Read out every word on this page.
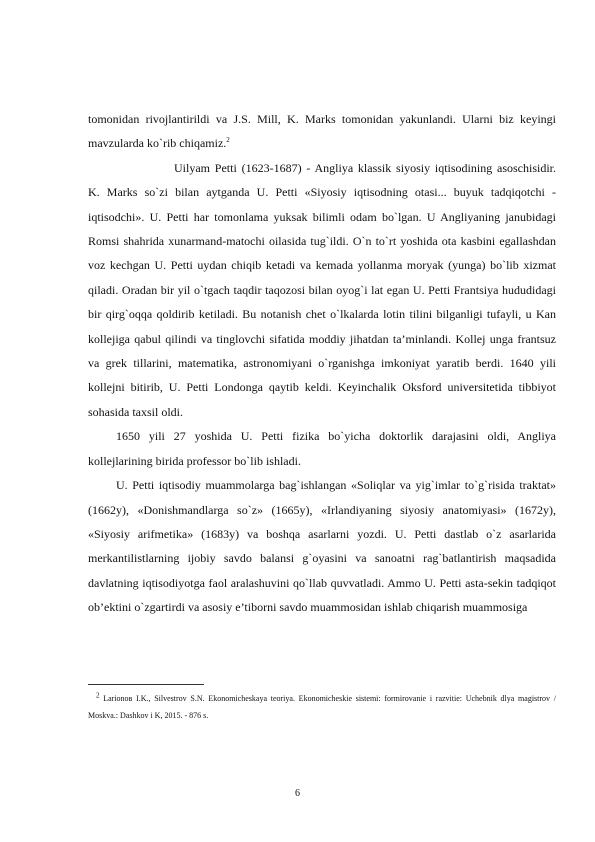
tomonidan rivojlantirildi va J.S. Mill, K. Marks tomonidan yakunlandi. Ularni biz keyingi mavzularda ko`rib chiqamiz.$^2$

Uilyam Petti (1623-1687) - Angliya klassik siyosiy iqtisodining asoschisidir. K. Marks so`zi bilan aytganda U. Petti «Siyosiy iqtisodning otasi... buyuk tadqiqotchi -iqtisodchi». U. Petti har tomonlama yuksak bilimli odam bo`lgan. U Angliyaning janubidagi Romsi shahrida xunarmand-matochi oilasida tug`ildi. O`n to`rt yoshida ota kasbini egallashdan voz kechgan U. Petti uydan chiqib ketadi va kemada yollanma moryak (yunga) bo`lib xizmat qiladi. Oradan bir yil o`tgach taqdir taqozosi bilan oyog`i lat egan U. Petti Frantsiya hududidagi bir qirg`oqqa qoldirib ketiladi. Bu notanish chet o`lkalarda lotin tilini bilganligi tufayli, u Kan kollejiga qabul qilindi va tinglovchi sifatida moddiy jihatdan ta’minlandi. Kollej unga frantsuz va grek tillarini, matematika, astronomiyani o`rganishga imkoniyat yaratib berdi. 1640 yili kollejni bitirib, U. Petti Londonga qaytib keldi. Keyinchalik Oksford universitetida tibbiyot sohasida taxsil oldi.

1650 yili 27 yoshida U. Petti fizika bo`yicha doktorlik darajasini oldi, Angliya kollejlarining birida professor bo`lib ishladi.

U. Petti iqtisodiy muammolarga bag`ishlangan «Soliqlar va yig`imlar to`g`risida traktat» (1662y), «Donishmandlarga so`z» (1665y), «Irlandiyaning siyosiy anatomiyasi» (1672y), «Siyosiy arifmetika» (1683y) va boshqa asarlarni yozdi. U. Petti dastlab o`z asarlarida merkantilistlarning ijobiy savdo balansi g`oyasini va sanoatni rag`batlantirish maqsadida davlatning iqtisodiyotga faol aralashuvini qo`llab quvvatladi. Ammo U. Petti asta-sekin tadqiqot ob’ektini o`zgartirdi va asosiy e’tiborni savdo muammosidan ishlab chiqarish muammosiga

$^2$ Larionoв I.K., Silvestrov S.N. Ekonomicheskaya teoriya. Ekonomicheskie sistemi: formirovanie i razvitie: Uchebnik dlya magistrov / Moskva.: Dashkov i K, 2015. - 876 s.
6
